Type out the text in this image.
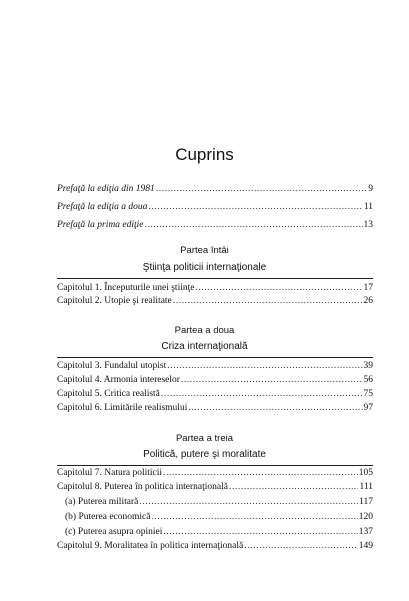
Cuprins
Prefaţă la ediţia din 1981 .....	9
Prefaţă la ediţia a doua .....	11
Prefaţă la prima ediţie .....	13
Partea întâi
Ştiinţa politicii internaţionale
Capitolul 1. Începuturile unei ştiinţe .....	17
Capitolul 2. Utopie şi realitate .....	26
Partea a doua
Criza internaţională
Capitolul 3. Fundalul utopist .....	39
Capitolul 4. Armonia intereselor .....	56
Capitolul 5. Critica realistă .....	75
Capitolul 6. Limitările realismului .....	97
Partea a treia
Politică, putere şi moralitate
Capitolul 7. Natura politicii .....	105
Capitolul 8. Puterea în politica internaţională .....	111
(a) Puterea militară .....	117
(b) Puterea economică .....	120
(c) Puterea asupra opiniei .....	137
Capitolul 9. Moralitatea în politica internaţională .....	149
